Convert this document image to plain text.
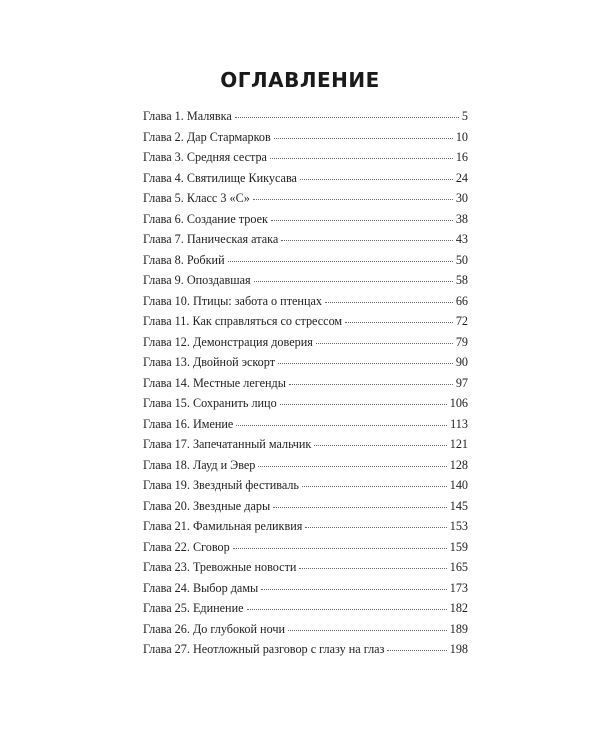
ОГЛАВЛЕНИЕ
Глава 1. Малявка	5
Глава 2. Дар Стармарков	10
Глава 3. Средняя сестра	16
Глава 4. Святилище Кикусава	24
Глава 5. Класс 3 «С»	30
Глава 6. Создание троек	38
Глава 7. Паническая атака	43
Глава 8. Робкий	50
Глава 9. Опоздавшая	58
Глава 10. Птицы: забота о птенцах	66
Глава 11. Как справляться со стрессом	72
Глава 12. Демонстрация доверия	79
Глава 13. Двойной эскорт	90
Глава 14. Местные легенды	97
Глава 15. Сохранить лицо	106
Глава 16. Имение	113
Глава 17. Запечатанный мальчик	121
Глава 18. Лауд и Эвер	128
Глава 19. Звездный фестиваль	140
Глава 20. Звездные дары	145
Глава 21. Фамильная реликвия	153
Глава 22. Сговор	159
Глава 23. Тревожные новости	165
Глава 24. Выбор дамы	173
Глава 25. Единение	182
Глава 26. До глубокой ночи	189
Глава 27. Неотложный разговор с глазу на глаз	198
